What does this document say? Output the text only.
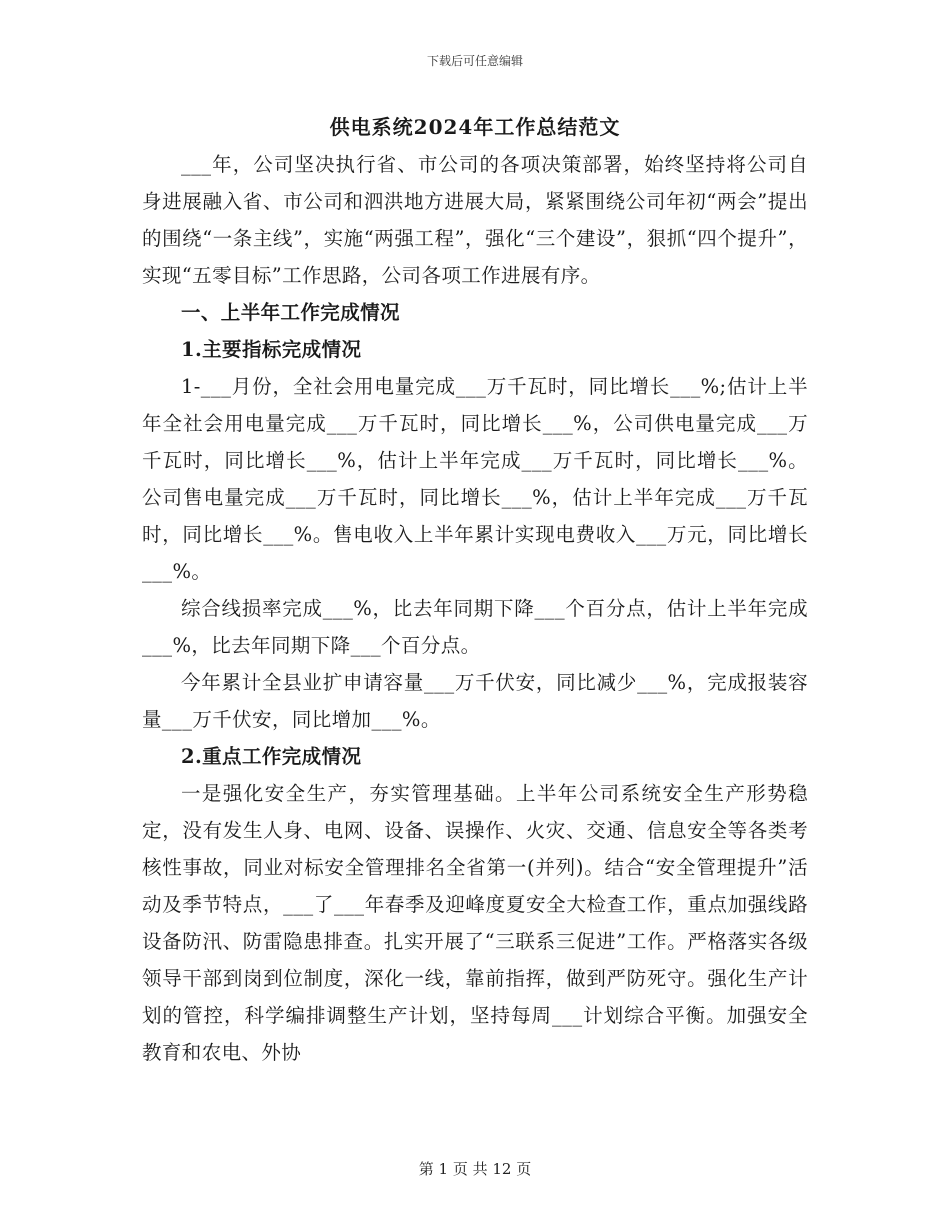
下载后可任意编辑
供电系统2024年工作总结范文

___年，公司坚决执行省、市公司的各项决策部署，始终坚持将公司自身进展融入省、市公司和泗洪地方进展大局，紧紧围绕公司年初“两会”提出的围绕“一条主线”，实施“两强工程”，强化“三个建设”，狠抓“四个提升”，实现“五零目标”工作思路，公司各项工作进展有序。

一、上半年工作完成情况

1.主要指标完成情况

1-___月份，全社会用电量完成___万千瓦时，同比增长___%;估计上半年全社会用电量完成___万千瓦时，同比增长___%，公司供电量完成___万千瓦时，同比增长___%，估计上半年完成___万千瓦时，同比增长___%。公司售电量完成___万千瓦时，同比增长___%，估计上半年完成___万千瓦时，同比增长___%。售电收入上半年累计实现电费收入___万元，同比增长___%。

综合线损率完成___%，比去年同期下降___个百分点，估计上半年完成___%，比去年同期下降___个百分点。

今年累计全县业扩申请容量___万千伏安，同比减少___%，完成报装容量___万千伏安，同比增加___%。

2.重点工作完成情况

一是强化安全生产，夯实管理基础。上半年公司系统安全生产形势稳定，没有发生人身、电网、设备、误操作、火灾、交通、信息安全等各类考核性事故，同业对标安全管理排名全省第一(并列)。结合“安全管理提升”活动及季节特点，___了___年春季及迎峰度夏安全大检查工作，重点加强线路设备防汛、防雷隐患排查。扎实开展了“三联系三促进”工作。严格落实各级领导干部到岗到位制度，深化一线，靠前指挥，做到严防死守。强化生产计划的管控，科学编排调整生产计划，坚持每周___计划综合平衡。加强安全教育和农电、外协

第 1 页 共 12 页
